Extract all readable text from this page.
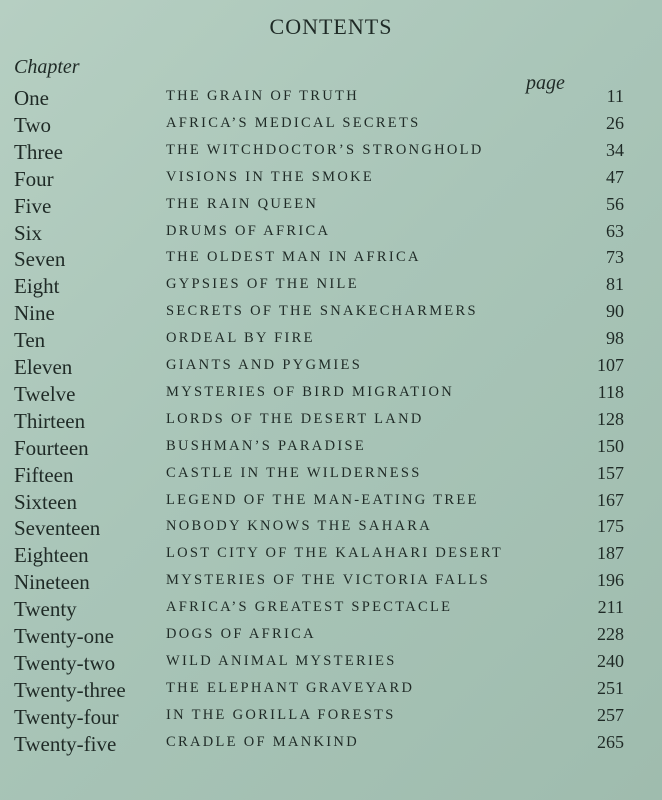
CONTENTS
Chapter
page
One	THE GRAIN OF TRUTH	11
Two	AFRICA’S MEDICAL SECRETS	26
Three	THE WITCHDOCTOR’S STRONGHOLD	34
Four	VISIONS IN THE SMOKE	47
Five	THE RAIN QUEEN	56
Six	DRUMS OF AFRICA	63
Seven	THE OLDEST MAN IN AFRICA	73
Eight	GYPSIES OF THE NILE	81
Nine	SECRETS OF THE SNAKECHARMERS	90
Ten	ORDEAL BY FIRE	98
Eleven	GIANTS AND PYGMIES	107
Twelve	MYSTERIES OF BIRD MIGRATION	118
Thirteen	LORDS OF THE DESERT LAND	128
Fourteen	BUSHMAN’S PARADISE	150
Fifteen	CASTLE IN THE WILDERNESS	157
Sixteen	LEGEND OF THE MAN-EATING TREE	167
Seventeen	NOBODY KNOWS THE SAHARA	175
Eighteen	LOST CITY OF THE KALAHARI DESERT	187
Nineteen	MYSTERIES OF THE VICTORIA FALLS	196
Twenty	AFRICA’S GREATEST SPECTACLE	211
Twenty-one	DOGS OF AFRICA	228
Twenty-two	WILD ANIMAL MYSTERIES	240
Twenty-three	THE ELEPHANT GRAVEYARD	251
Twenty-four	IN THE GORILLA FORESTS	257
Twenty-five	CRADLE OF MANKIND	265
